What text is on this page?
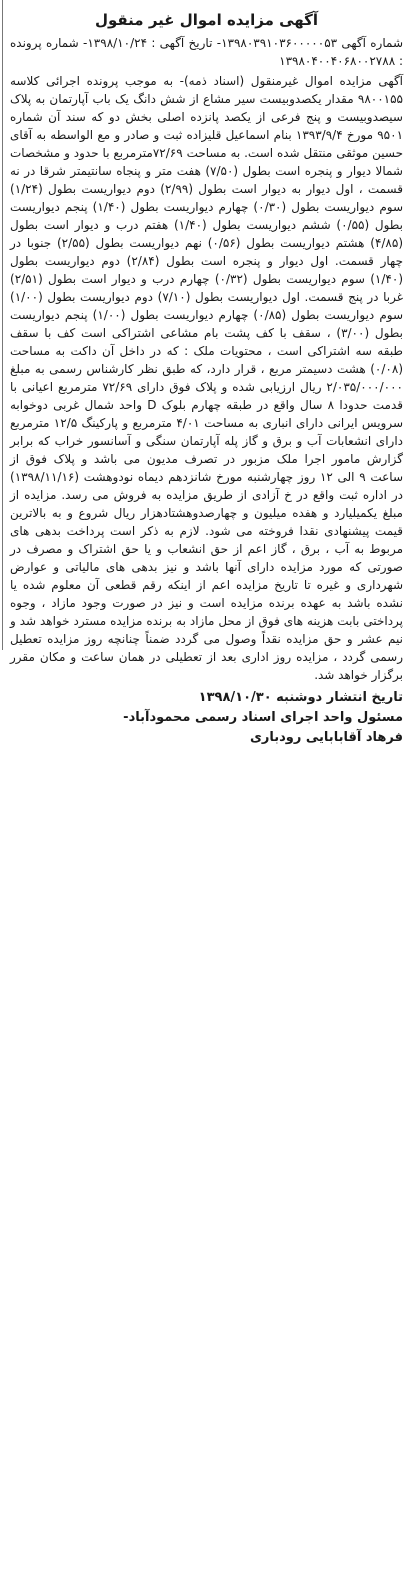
آگهی مزایده اموال غیر منقول
شماره آگهی ۱۳۹۸۰۳۹۱۰۳۶۰۰۰۰۰۵۳- تاریخ آگهی : ۱۳۹۸/۱۰/۲۴- شماره پرونده : ۱۳۹۸۰۴۰۰۴۰۶۸۰۰۲۷۸۸
آگهی مزایده اموال غیرمنقول (اسناد ذمه)- به موجب پرونده اجرائی کلاسه ۹۸۰۰۱۵۵ مقدار یکصدوبیست سیر مشاع از شش دانگ یک باب آپارتمان به پلاک سیصدوبیست و پنج فرعی از یکصد پانزده اصلی بخش دو که سند آن شماره ۹۵۰۱ مورخ ۱۳۹۳/۹/۴ بنام اسماعیل قلیزاده ثبت و صادر و مع الواسطه به آقای حسین موثقی منتقل شده است. به مساحت ۷۲/۶۹مترمربع با حدود و مشخصات شمالا دیوار و پنجره است بطول (۷/۵۰) هفت متر و پنجاه سانتیمتر شرقا در نه قسمت ، اول دیوار به دیوار است بطول (۲/۹۹) دوم دیواریست بطول (۱/۲۴) سوم دیواریست بطول (۰/۳۰) چهارم دیواریست بطول (۱/۴۰) پنجم دیواریست بطول (۰/۵۵) ششم دیواریست بطول (۱/۴۰) هفتم درب و دیوار است بطول (۴/۸۵) هشتم دیواریست بطول (۰/۵۶) نهم دیواریست بطول (۲/۵۵) جنوبا در چهار قسمت. اول دیوار و پنجره است بطول (۲/۸۴) دوم دیواریست بطول (۱/۴۰) سوم دیواریست بطول (۰/۳۲) چهارم درب و دیوار است بطول (۲/۵۱) غربا در پنج قسمت. اول دیواریست بطول (۷/۱۰) دوم دیواریست بطول (۱/۰۰) سوم دیواریست بطول (۰/۸۵) چهارم دیواریست بطول (۱/۰۰) پنجم دیواریست بطول (۳/۰۰) ، سقف با کف پشت بام مشاعی اشتراکی است کف با سقف طبقه سه اشتراکی است ، محتویات ملک : که در داخل آن داکت به مساحت (۰/۰۸) هشت دسیمتر مربع ، قرار دارد، که طبق نظر کارشناس رسمی به مبلغ ۲/۰۳۵/۰۰۰/۰۰۰ ریال ارزیابی شده و پلاک فوق دارای ۷۲/۶۹ مترمربع اعیانی با قدمت حدودا ۸ سال واقع در طبقه چهارم بلوک D واحد شمال غربی دوخوابه سرویس ایرانی دارای انباری به مساحت ۴/۰۱ مترمربع و پارکینگ ۱۲/۵ مترمربع دارای انشعابات آب و برق و گاز پله آپارتمان سنگی و آسانسور خراب که برابر گزارش مامور اجرا ملک مزبور در تصرف مدیون می باشد و پلاک فوق از ساعت ۹ الی ۱۲ روز چهارشنبه مورخ شانزدهم دیماه نودوهشت (۱۳۹۸/۱۱/۱۶) در اداره ثبت واقع در خ آزادی از طریق مزایده به فروش می رسد. مزایده از مبلغ یکمیلیارد و هفده میلیون و چهارصدوهشتادهزار ریال شروع و به بالاترین قیمت پیشنهادی نقدا فروخته می شود. لازم به ذکر است پرداخت بدهی های مربوط به آب ، برق ، گاز اعم از حق انشعاب و یا حق اشتراک و مصرف در صورتی که مورد مزایده دارای آنها باشد و نیز بدهی های مالیاتی و عوارض شهرداری و غیره تا تاریخ مزایده اعم از اینکه رقم قطعی آن معلوم شده یا نشده باشد به عهده برنده مزایده است و نیز در صورت وجود مازاد ، وجوه پرداختی بابت هزینه های فوق از محل مازاد به برنده مزایده مسترد خواهد شد و نیم عشر و حق مزایده نقداً وصول می گردد ضمناً چنانچه روز مزایده تعطیل رسمی گردد ، مزایده روز اداری بعد از تعطیلی در همان ساعت و مکان مقرر برگزار خواهد شد.
تاریخ انتشار دوشنبه ۱۳۹۸/۱۰/۳۰
مسئول واحد اجرای اسناد رسمی محمودآباد-
فرهاد آقابابایی رودباری
